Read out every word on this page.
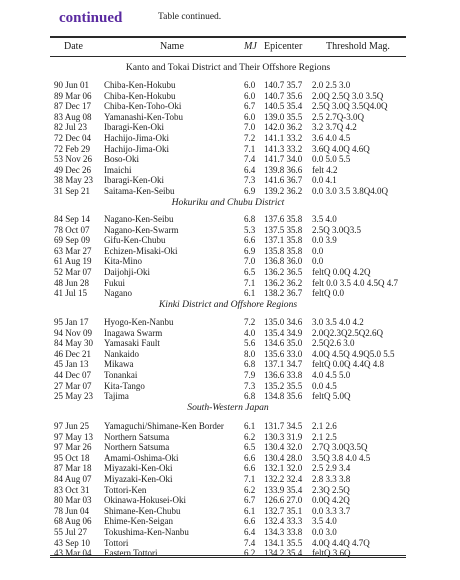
continued	Table continued.
Date	Name	MJ Epicenter Threshold Mag.
Kanto and Tokai District and Their Offshore Regions
90 Jun 01 Chiba-Ken-Hokubu	6.0 140.7 35.7 2.0 2.5 3.0
89 Mar 06 Chiba-Ken-Hokubu	6.0 140.7 35.6 2.0Q 2.5Q 3.0 3.5Q
87 Dec 17 Chiba-Ken-Toho-Oki	6.7 140.5 35.4 2.5Q 3.0Q 3.5Q4.0Q
83 Aug 08 Yamanashi-Ken-Tobu	6.0 139.0 35.5 2.5 2.7Q-3.0Q
82 Jul 23 Ibaragi-Ken-Oki	7.0 142.0 36.2 3.2 3.7Q 4.2
72 Dec 04 Hachijo-Jima-Oki	7.2 141.1 33.2 3.6 4.0 4.5
72 Feb 29 Hachijo-Jima-Oki	7.1 141.3 33.2 3.6Q 4.0Q 4.6Q
53 Nov 26 Boso-Oki	7.4 141.7 34.0 0.0 5.0 5.5
49 Dec 26 Imaichi	6.4 139.8 36.6 felt 4.2
38 May 23 Ibaragi-Ken-Oki	7.3 141.6 36.7 0.0 4.1
31 Sep 21 Saitama-Ken-Seibu	6.9 139.2 36.2 0.0 3.0 3.5 3.8Q4.0Q
Hokuriku and Chubu District
84 Sep 14 Nagano-Ken-Seibu	6.8 137.6 35.8 3.5 4.0
78 Oct 07 Nagano-Ken-Swarm	5.3 137.5 35.8 2.5Q 3.0Q3.5
69 Sep 09 Gifu-Ken-Chubu	6.6 137.1 35.8 0.0 3.9
63 Mar 27 Echizen-Misaki-Oki	6.9 135.8 35.8 0.0
61 Aug 19 Kita-Mino	7.0 136.8 36.0 0.0
52 Mar 07 Daijohji-Oki	6.5 136.2 36.5 feltQ 0.0Q 4.2Q
48 Jun 28 Fukui	7.1 136.2 36.2 felt 0.0 3.5 4.0 4.5Q 4.7
41 Jul 15 Nagano	6.1 138.2 36.7 feltQ 0.0
Kinki District and Offshore Regions
95 Jan 17 Hyogo-Ken-Nanbu	7.2 135.0 34.6 3.0 3.5 4.0 4.2
94 Nov 09 Inagawa Swarm	4.0 135.4 34.9 2.0Q2.3Q2.5Q2.6Q
84 May 30 Yamasaki Fault	5.6 134.6 35.0 2.5Q2.6 3.0
46 Dec 21 Nankaido	8.0 135.6 33.0 4.0Q 4.5Q 4.9Q5.0 5.5
45 Jan 13 Mikawa	6.8 137.1 34.7 feltQ 0.0Q 4.4Q 4.8
44 Dec 07 Tonankai	7.9 136.6 33.8 4.0 4.5 5.0
27 Mar 07 Kita-Tango	7.3 135.2 35.5 0.0 4.5
25 May 23 Tajima	6.8 134.8 35.6 feltQ 5.0Q
South-Western Japan
97 Jun 25 Yamaguchi/Shimane-Ken Border 6.1 131.7 34.5 2.1 2.6
97 May 13 Northern Satsuma	6.2 130.3 31.9 2.1 2.5
97 Mar 26 Northern Satsuma	6.5 130.4 32.0 2.7Q 3.0Q3.5Q
95 Oct 18 Amami-Oshima-Oki	6.6 130.4 28.0 3.5Q 3.8 4.0 4.5
87 Mar 18 Miyazaki-Ken-Oki	6.6 132.1 32.0 2.5 2.9 3.4
84 Aug 07 Miyazaki-Ken-Oki	7.1 132.2 32.4 2.8 3.3 3.8
83 Oct 31 Tottori-Ken	6.2 133.9 35.4 2.3Q 2.5Q
80 Mar 03 Okinawa-Hokusei-Oki	6.7 126.6 27.0 0.0Q 4.2Q
78 Jun 04 Shimane-Ken-Chubu	6.1 132.7 35.1 0.0 3.3 3.7
68 Aug 06 Ehime-Ken-Seigan	6.6 132.4 33.3 3.5 4.0
55 Jul 27 Tokushima-Ken-Nanbu	6.4 134.3 33.8 0.0 3.0
43 Sep 10 Tottori	7.4 134.1 35.5 4.0Q 4.4Q 4.7Q
43 Mar 04 Eastern Tottori	6.2 134.2 35.4 feltQ 3.6Q
